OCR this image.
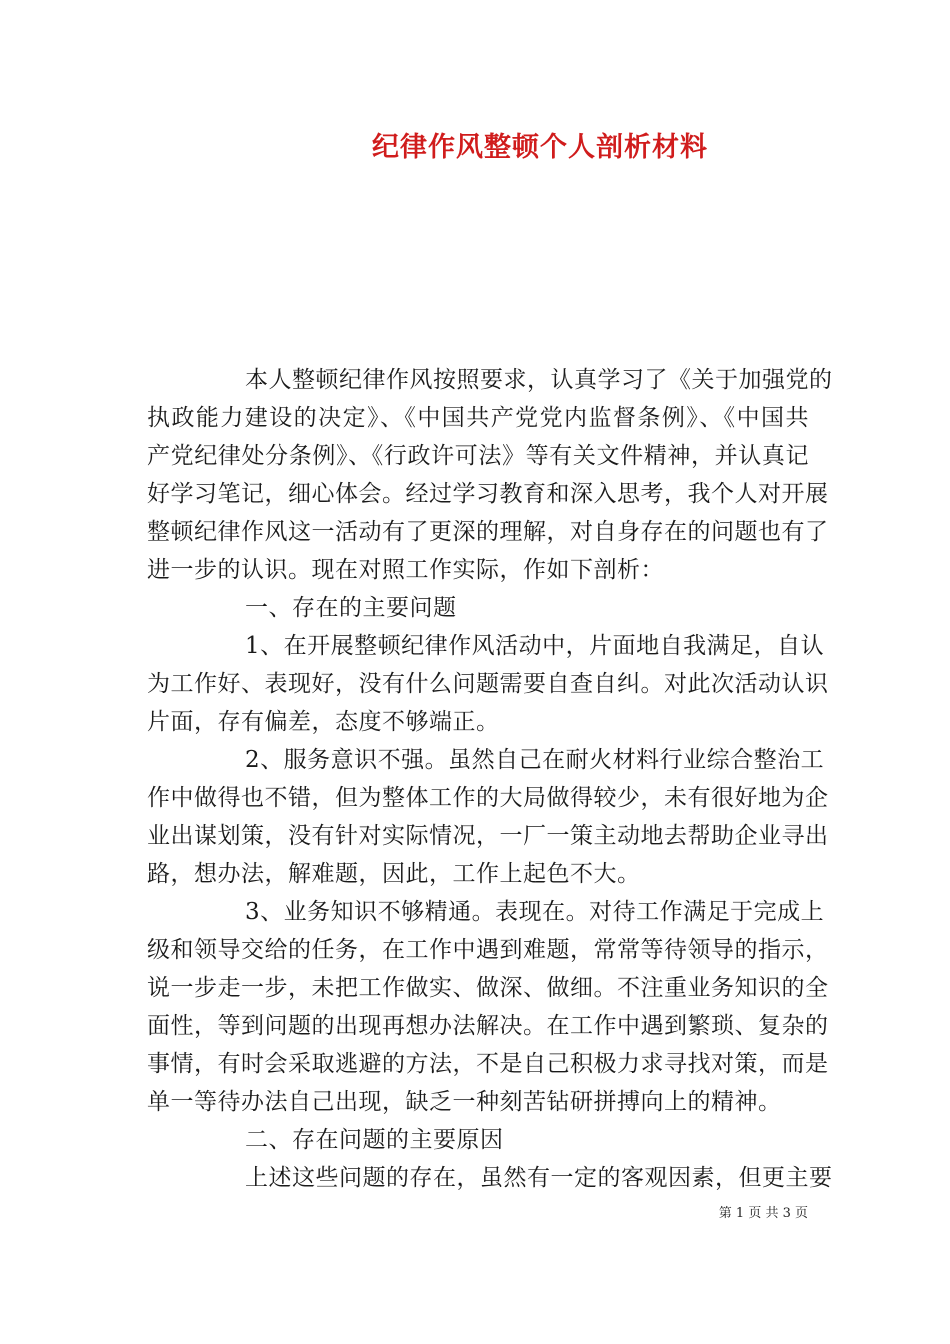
纪律作风整顿个人剖析材料
本人整顿纪律作风按照要求，认真学习了《关于加强党的
执政能力建设的决定》、《中国共产党党内监督条例》、《中国共
产党纪律处分条例》、《行政许可法》等有关文件精神，并认真记
好学习笔记，细心体会。经过学习教育和深入思考，我个人对开展
整顿纪律作风这一活动有了更深的理解，对自身存在的问题也有了
进一步的认识。现在对照工作实际，作如下剖析：
一、存在的主要问题
1、在开展整顿纪律作风活动中，片面地自我满足，自认
为工作好、表现好，没有什么问题需要自查自纠。对此次活动认识
片面，存有偏差，态度不够端正。
2、服务意识不强。虽然自己在耐火材料行业综合整治工
作中做得也不错，但为整体工作的大局做得较少，未有很好地为企
业出谋划策，没有针对实际情况，一厂一策主动地去帮助企业寻出
路，想办法，解难题，因此，工作上起色不大。
3、业务知识不够精通。表现在。对待工作满足于完成上
级和领导交给的任务，在工作中遇到难题，常常等待领导的指示，
说一步走一步，未把工作做实、做深、做细。不注重业务知识的全
面性，等到问题的出现再想办法解决。在工作中遇到繁琐、复杂的
事情，有时会采取逃避的方法，不是自己积极力求寻找对策，而是
单一等待办法自己出现，缺乏一种刻苦钻研拼搏向上的精神。
二、存在问题的主要原因
上述这些问题的存在，虽然有一定的客观因素，但更主要
第 1 页 共 3 页
